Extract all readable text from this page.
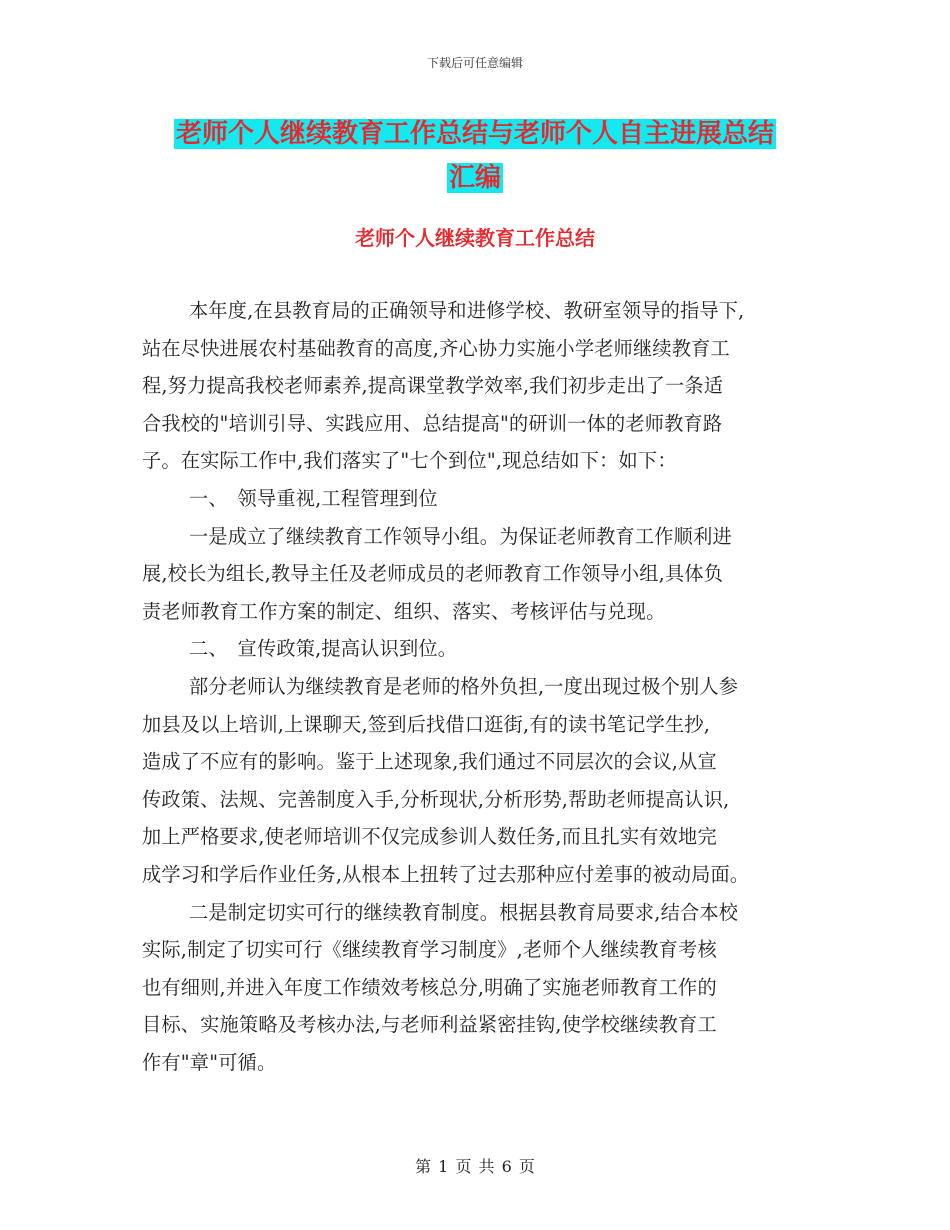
下载后可任意编辑
老师个人继续教育工作总结与老师个人自主进展总结
汇编
老师个人继续教育工作总结
本年度,在县教育局的正确领导和进修学校、教研室领导的指导下,
站在尽快进展农村基础教育的高度,齐心协力实施小学老师继续教育工
程,努力提高我校老师素养,提高课堂教学效率,我们初步走出了一条适
合我校的"培训引导、实践应用、总结提高"的研训一体的老师教育路
子。在实际工作中,我们落实了"七个到位",现总结如下：如下：
一、　领导重视,工程管理到位
一是成立了继续教育工作领导小组。为保证老师教育工作顺利进
展,校长为组长,教导主任及老师成员的老师教育工作领导小组,具体负
责老师教育工作方案的制定、组织、落实、考核评估与兑现。
二、　宣传政策,提高认识到位。
部分老师认为继续教育是老师的格外负担,一度出现过极个别人参
加县及以上培训,上课聊天,签到后找借口逛街,有的读书笔记学生抄,
造成了不应有的影响。鉴于上述现象,我们通过不同层次的会议,从宣
传政策、法规、完善制度入手,分析现状,分析形势,帮助老师提高认识,
加上严格要求,使老师培训不仅完成参训人数任务,而且扎实有效地完
成学习和学后作业任务,从根本上扭转了过去那种应付差事的被动局面。
二是制定切实可行的继续教育制度。根据县教育局要求,结合本校
实际,制定了切实可行《继续教育学习制度》,老师个人继续教育考核
也有细则,并进入年度工作绩效考核总分,明确了实施老师教育工作的
目标、实施策略及考核办法,与老师利益紧密挂钩,使学校继续教育工
作有"章"可循。
第 1 页 共 6 页
